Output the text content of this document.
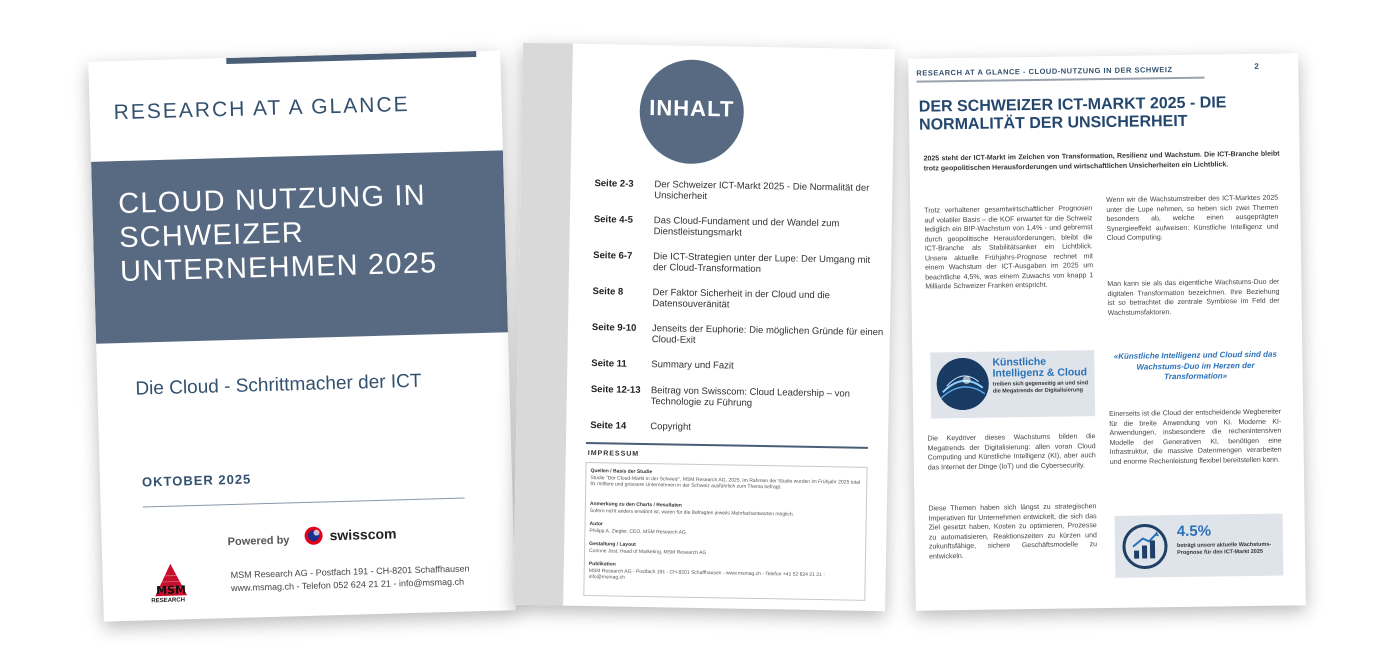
RESEARCH AT A GLANCE
CLOUD NUTZUNG IN SCHWEIZER UNTERNEHMEN 2025
Die Cloud - Schrittmacher der ICT
OKTOBER 2025
Powered by	swisscom
MSM
RESEARCH
MSM Research AG - Postfach 191 - CH-8201 Schaffhausen
www.msmag.ch - Telefon 052 624 21 21 - info@msmag.ch
INHALT
Seite 2-3 Der Schweizer ICT-Markt 2025 - Die Normalität der Unsicherheit
Seite 4-5 Das Cloud-Fundament und der Wandel zum Dienstleistungsmarkt
Seite 6-7 Die ICT-Strategien unter der Lupe: Der Umgang mit der Cloud-Transformation
Seite 8	Der Faktor Sicherheit in der Cloud und die Datensouveränität
Seite 9-10 Jenseits der Euphorie: Die möglichen Gründe für einen Cloud-Exit
Seite 11	Summary und Fazit
Seite 12-13 Beitrag von Swisscom: Cloud Leadership – von Technologie zu Führung
Seite 14	Copyright
IMPRESSUM
Quellen / Basis der Studie
Studie "Der Cloud-Markt in der Schweiz", MSM Research AG, 2025. Im Rahmen der Studie wurden im Frühjahr 2025 total 91 mittlere und grössere Unternehmen in der Schweiz ausführlich zum Thema befragt.
Anmerkung zu den Charts / Resultaten
Sofern nicht anders erwähnt ist, waren für die Befragten jeweils Mehrfachantworten möglich.
Autor
Philipp A. Ziegler, CEO, MSM Research AG
Gestaltung / Layout
Corinne Jost, Head of Marketing, MSM Research AG
Publikation
MSM Research AG - Postfach 191 - CH-8201 Schaffhausen - www.msmag.ch - Telefon +41 52 624 21 21 - info@msmag.ch
RESEARCH AT A GLANCE - CLOUD-NUTZUNG IN DER SCHWEIZ	2
DER SCHWEIZER ICT-MARKT 2025 - DIE NORMALITÄT DER UNSICHERHEIT
2025 steht der ICT-Markt im Zeichen von Transformation, Resilienz und Wachstum. Die ICT-Branche bleibt trotz geopolitischen Herausforderungen und wirtschaftlichen Unsicherheiten ein Lichtblick.
Trotz verhaltener gesamtwirtschaftlicher Prognosen auf volatiler Basis – die KOF erwartet für die Schweiz lediglich ein BIP-Wachstum von 1,4% - und gebremst durch geopolitische Herausforderungen, bleibt die ICT-Branche als Stabilitätsanker ein Lichtblick. Unsere aktuelle Frühjahrs-Prognose rechnet mit einem Wachstum der ICT-Ausgaben im 2025 um beachtliche 4,5%, was einem Zuwachs von knapp 1 Milliarde Schweizer Franken entspricht.
Wenn wir die Wachstumstreiber des ICT-Marktes 2025 unter die Lupe nehmen, so heben sich zwei Themen besonders ab, welche einen ausgeprägten Synergieeffekt aufweisen: Künstliche Intelligenz und Cloud Computing.
Man kann sie als das eigentliche Wachstums-Duo der digitalen Transformation bezeichnen. Ihre Beziehung ist so betrachtet die zentrale Symbiose im Feld der Wachstumsfaktoren.
Künstliche Intelligenz & Cloud
treiben sich gegenseitig an und sind die Megatrends der Digitalisierung
«Künstliche Intelligenz und Cloud sind das Wachstums-Duo im Herzen der Transformation»
Die Keydriver dieses Wachstums bilden die Megatrends der Digitalisierung: allen voran Cloud Computing und Künstliche Intelligenz (KI), aber auch das Internet der Dinge (IoT) und die Cybersecurity.
Diese Themen haben sich längst zu strategischen Imperativen für Unternehmen entwickelt, die sich das Ziel gesetzt haben, Kosten zu optimieren, Prozesse zu automatisieren, Reaktionszeiten zu kürzen und zukunftsfähige, sichere Geschäftsmodelle zu entwickeln.
Einerseits ist die Cloud der entscheidende Wegbereiter für die breite Anwendung von KI. Moderne KI-Anwendungen, insbesondere die rechenintensiven Modelle der Generativen KI, benötigen eine Infrastruktur, die massive Datenmengen verarbeiten und enorme Rechenleistung flexibel bereitstellen kann.
4.5%
beträgt unsere aktuelle Wachstums-Prognose für den ICT-Markt 2025
